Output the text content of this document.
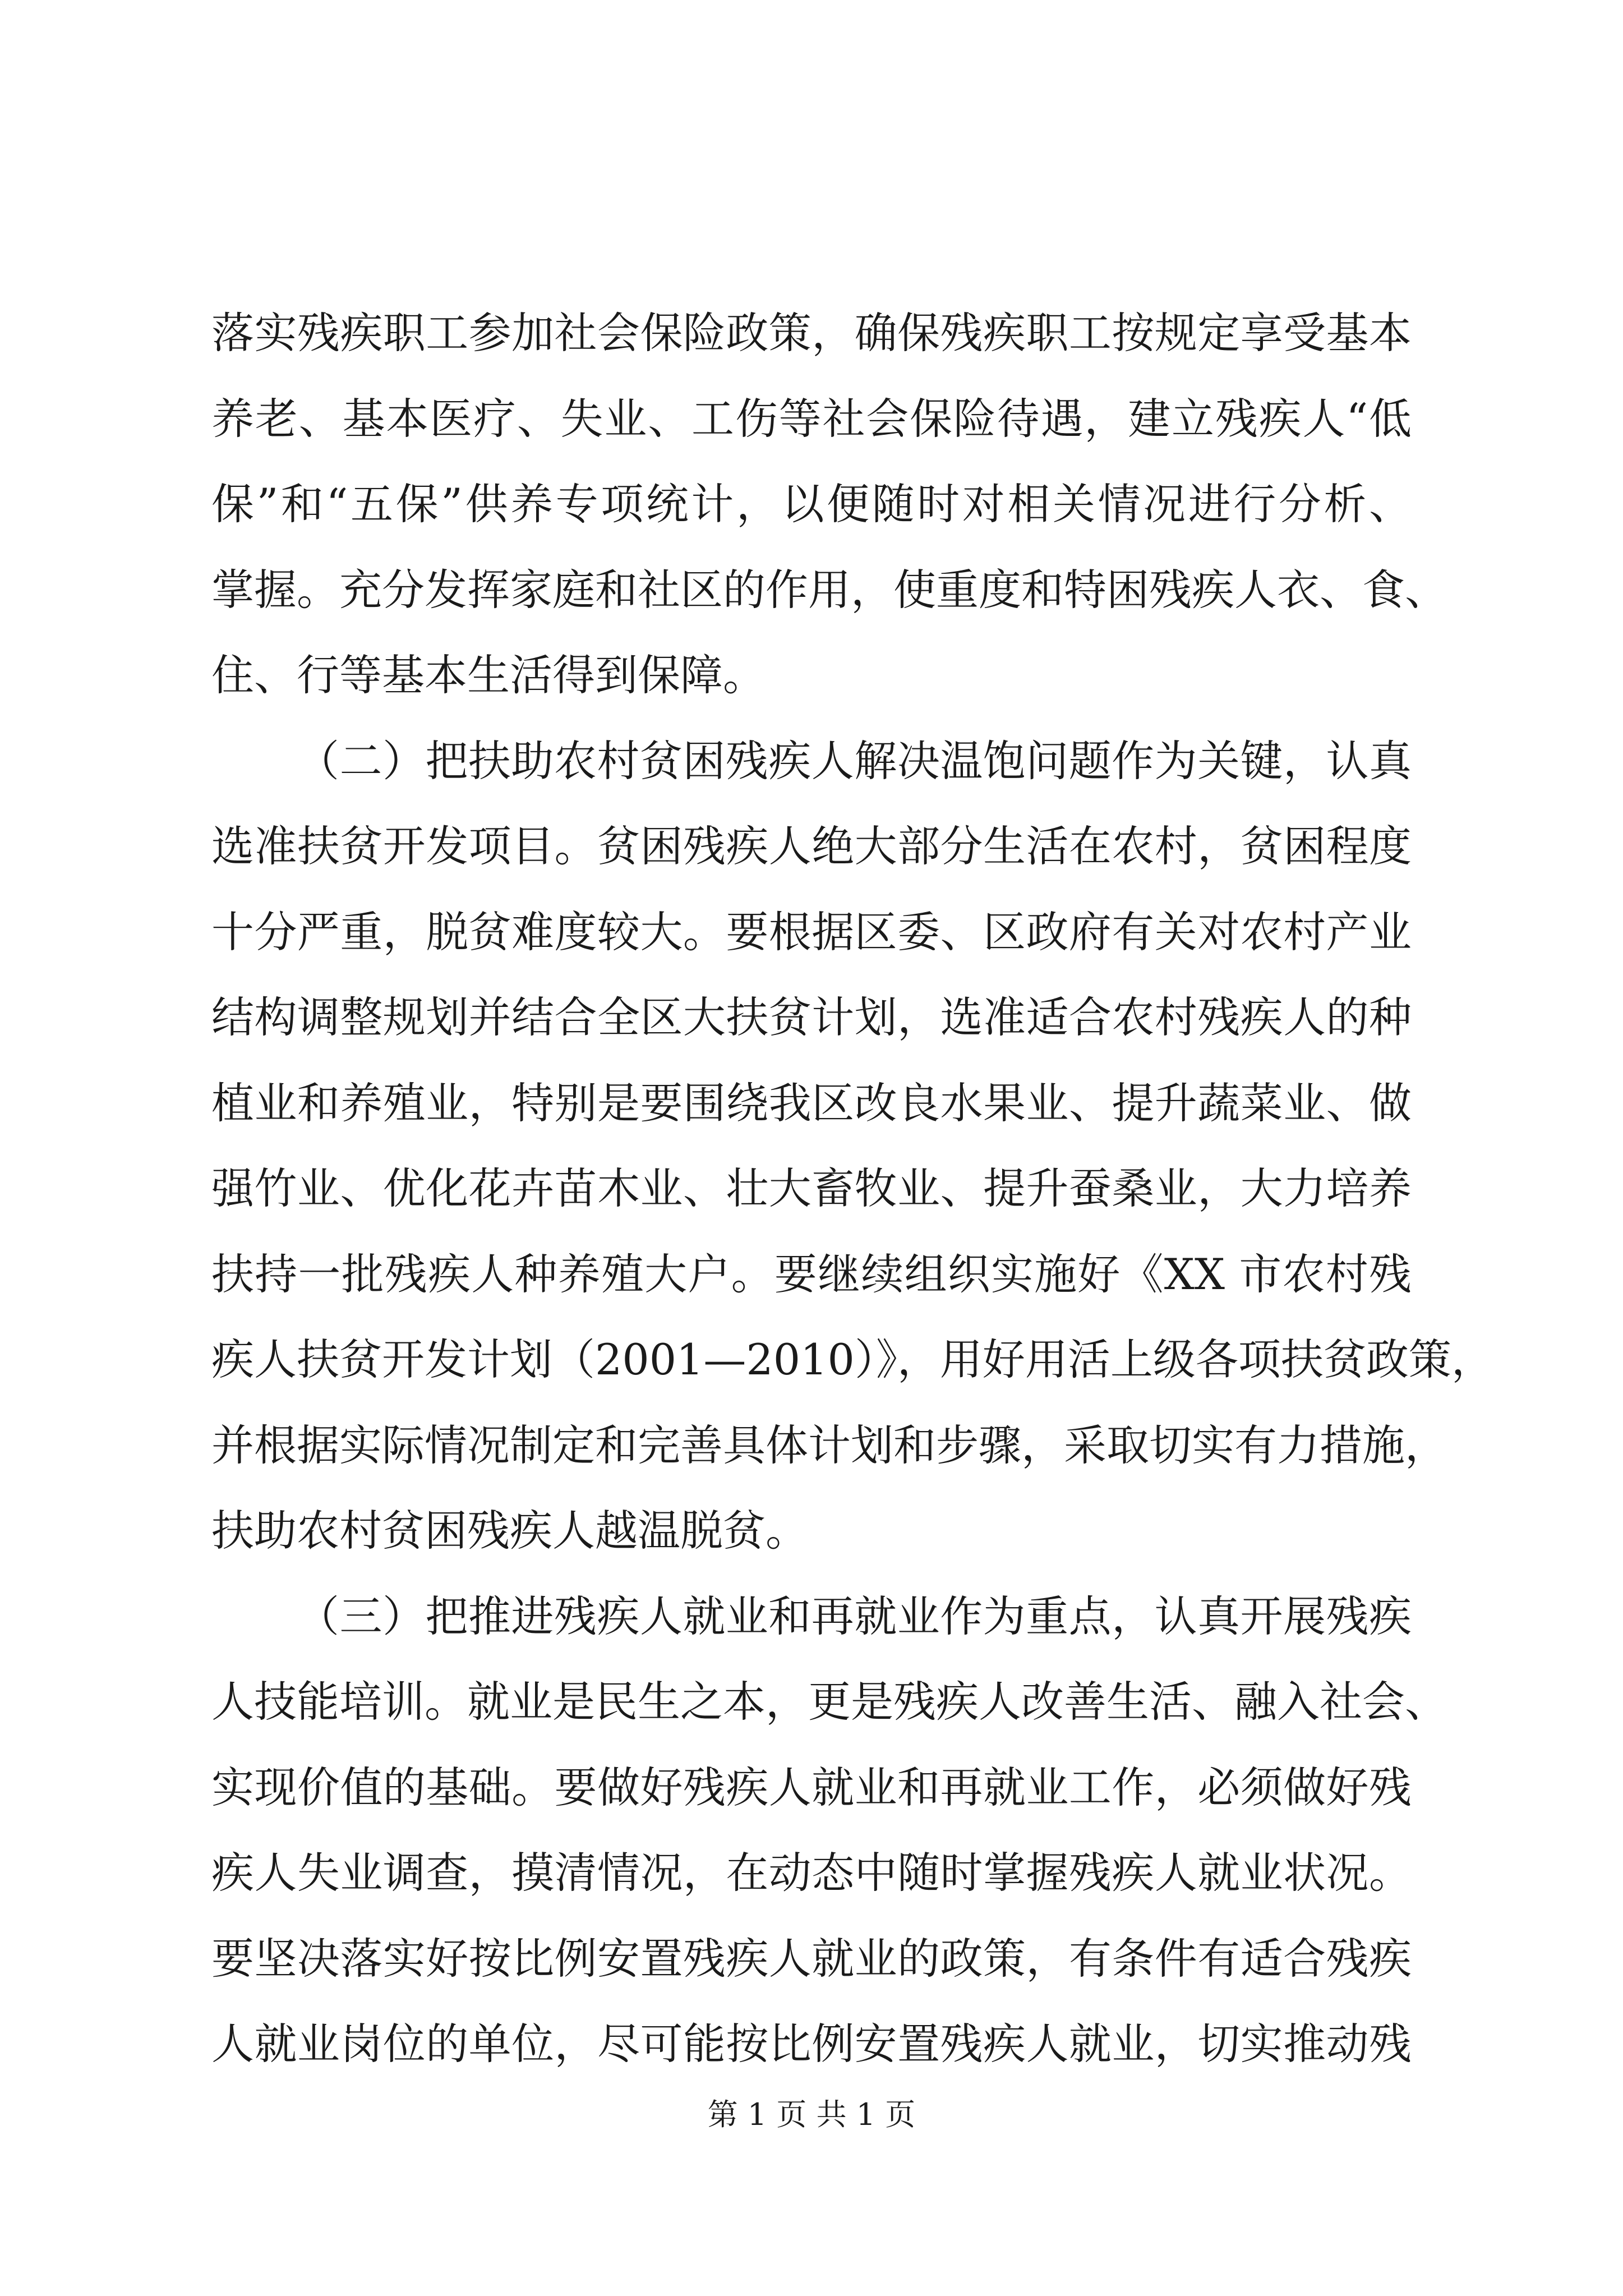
落实残疾职工参加社会保险政策，确保残疾职工按规定享受基本
养老、基本医疗、失业、工伤等社会保险待遇，建立残疾人“低
保”和“五保”供养专项统计，以便随时对相关情况进行分析、
掌握。充分发挥家庭和社区的作用，使重度和特困残疾人衣、食、
住、行等基本生活得到保障。
（二）把扶助农村贫困残疾人解决温饱问题作为关键，认真
选准扶贫开发项目。贫困残疾人绝大部分生活在农村，贫困程度
十分严重，脱贫难度较大。要根据区委、区政府有关对农村产业
结构调整规划并结合全区大扶贫计划，选准适合农村残疾人的种
植业和养殖业，特别是要围绕我区改良水果业、提升蔬菜业、做
强竹业、优化花卉苗木业、壮大畜牧业、提升蚕桑业，大力培养
扶持一批残疾人种养殖大户。要继续组织实施好《XX 市农村残
疾人扶贫开发计划（2001—2010）》，用好用活上级各项扶贫政策，
并根据实际情况制定和完善具体计划和步骤，采取切实有力措施，
扶助农村贫困残疾人越温脱贫。
（三）把推进残疾人就业和再就业作为重点，认真开展残疾
人技能培训。就业是民生之本，更是残疾人改善生活、融入社会、
实现价值的基础。要做好残疾人就业和再就业工作，必须做好残
疾人失业调查，摸清情况，在动态中随时掌握残疾人就业状况。
要坚决落实好按比例安置残疾人就业的政策，有条件有适合残疾
人就业岗位的单位，尽可能按比例安置残疾人就业，切实推动残
第 1 页 共 1 页
